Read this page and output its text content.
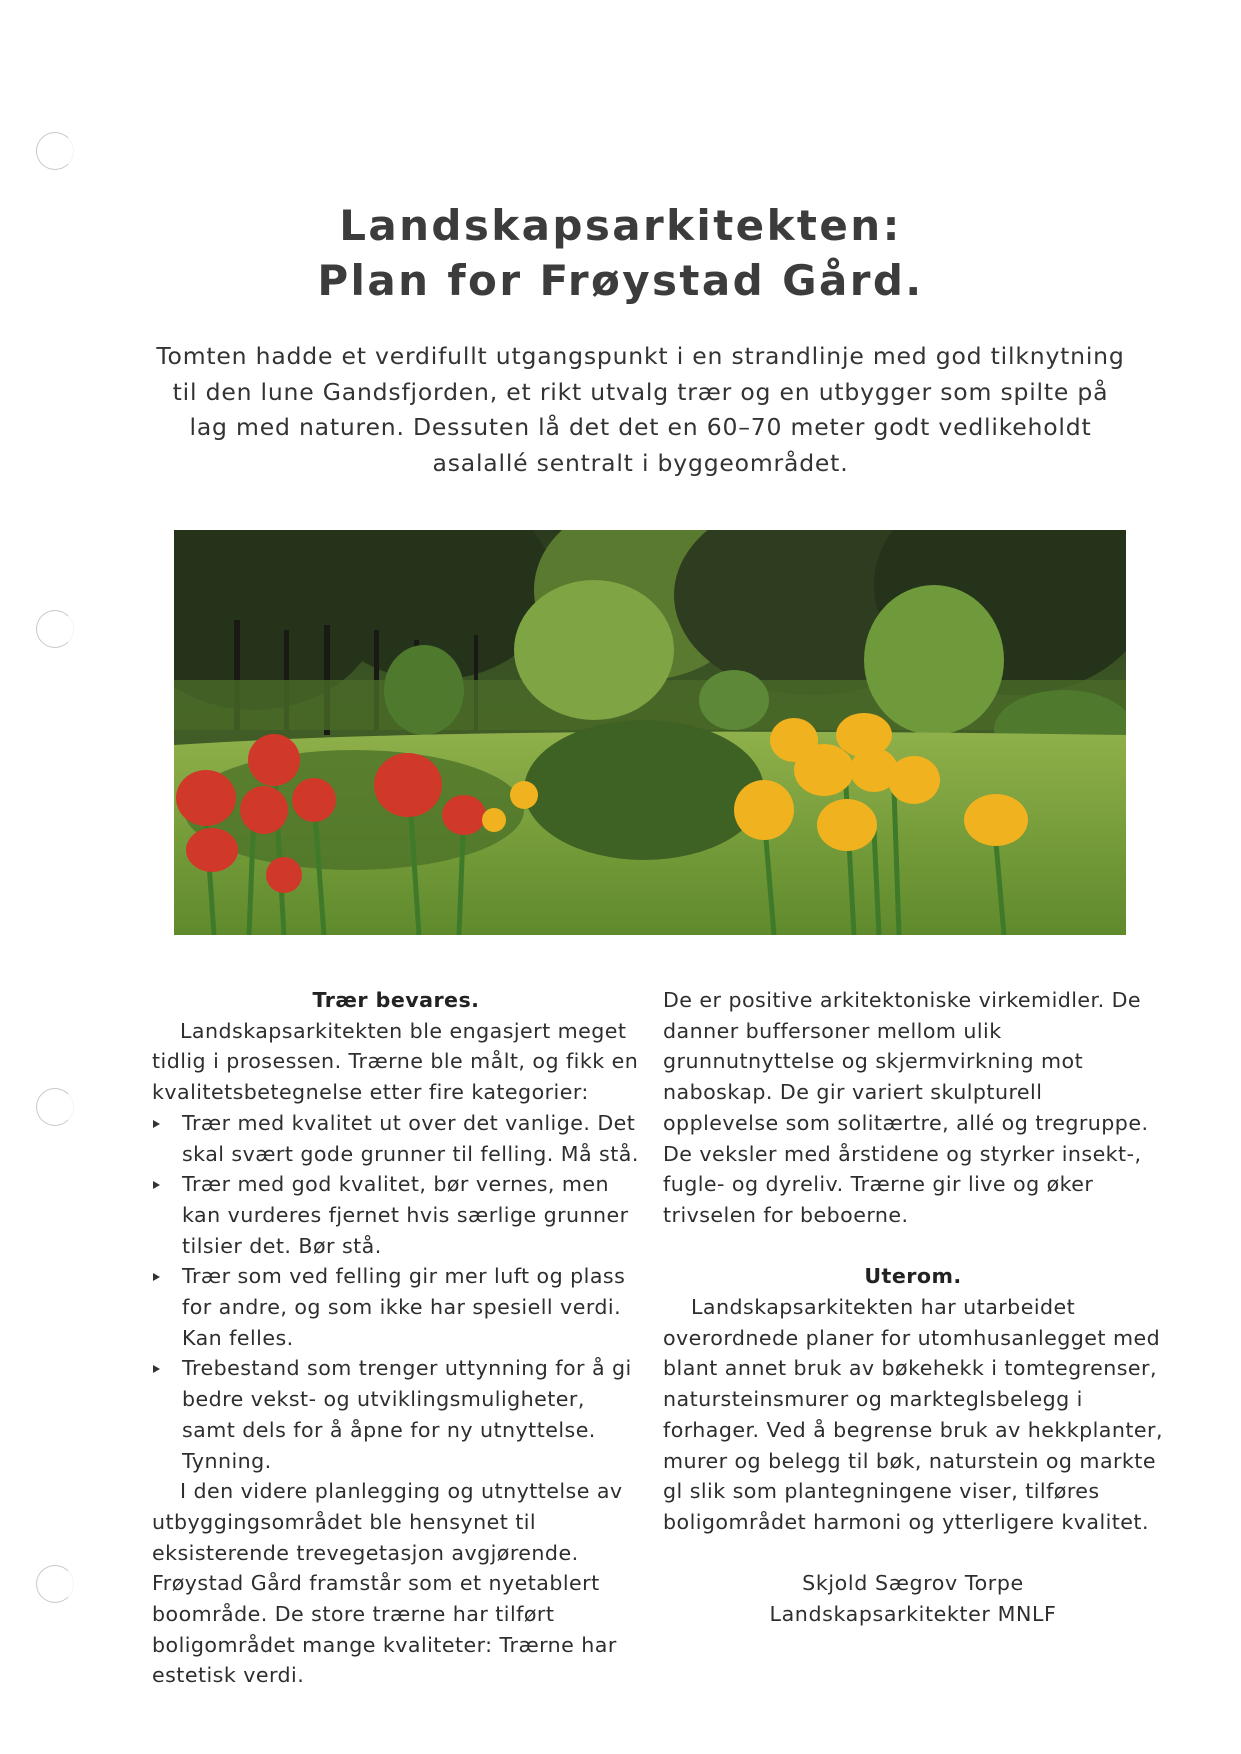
Landskapsarkitekten:
Plan for Frøystad Gård.

Tomten hadde et verdifullt utgangspunkt i en strandlinje med god tilknytning til den lune Gandsfjorden, et rikt utvalg trær og en utbygger som spilte på lag med naturen. Dessuten lå det det en 60–70 meter godt vedlikeholdt asalallé sentralt i byggeområdet.

Trær bevares.

Landskapsarkitekten ble engasjert meget tidlig i prosessen. Trærne ble målt, og fikk en kvalitetsbetegnelse etter fire kategorier:

Trær med kvalitet ut over det vanlige. Det skal svært gode grunner til felling. Må stå.
Trær med god kvalitet, bør vernes, men kan vurderes fjernet hvis særlige grunner tilsier det. Bør stå.
Trær som ved felling gir mer luft og plass for andre, og som ikke har spesiell verdi. Kan felles.
Trebestand som trenger uttynning for å gi bedre vekst- og utviklingsmuligheter, samt dels for å åpne for ny utnyttelse. Tynning.

I den videre planlegging og utnyttelse av utbyggingsområdet ble hensynet til eksisterende trevegetasjon avgjørende. Frøystad Gård framstår som et nyetablert boområde. De store trærne har tilført boligområdet mange kvaliteter: Trærne har estetisk verdi.

De er positive arkitektoniske virkemidler. De danner buffersoner mellom ulik grunnutnyttelse og skjermvirkning mot naboskap. De gir variert skulpturell opplevelse som solitærtre, allé og tregruppe. De veksler med årstidene og styrker insekt-, fugle- og dyreliv. Trærne gir live og øker trivselen for beboerne.

Uterom.

Landskapsarkitekten har utarbeidet overordnede planer for utomhusanlegget med blant annet bruk av bøkehekk i tomtegrenser, natursteinsmurer og markteglsbelegg i forhager. Ved å begrense bruk av hekkplanter, murer og belegg til bøk, naturstein og markte gl slik som plantegningene viser, tilføres boligområdet harmoni og ytterligere kvalitet.

Skjold Sægrov Torpe

Landskapsarkitekter MNLF
